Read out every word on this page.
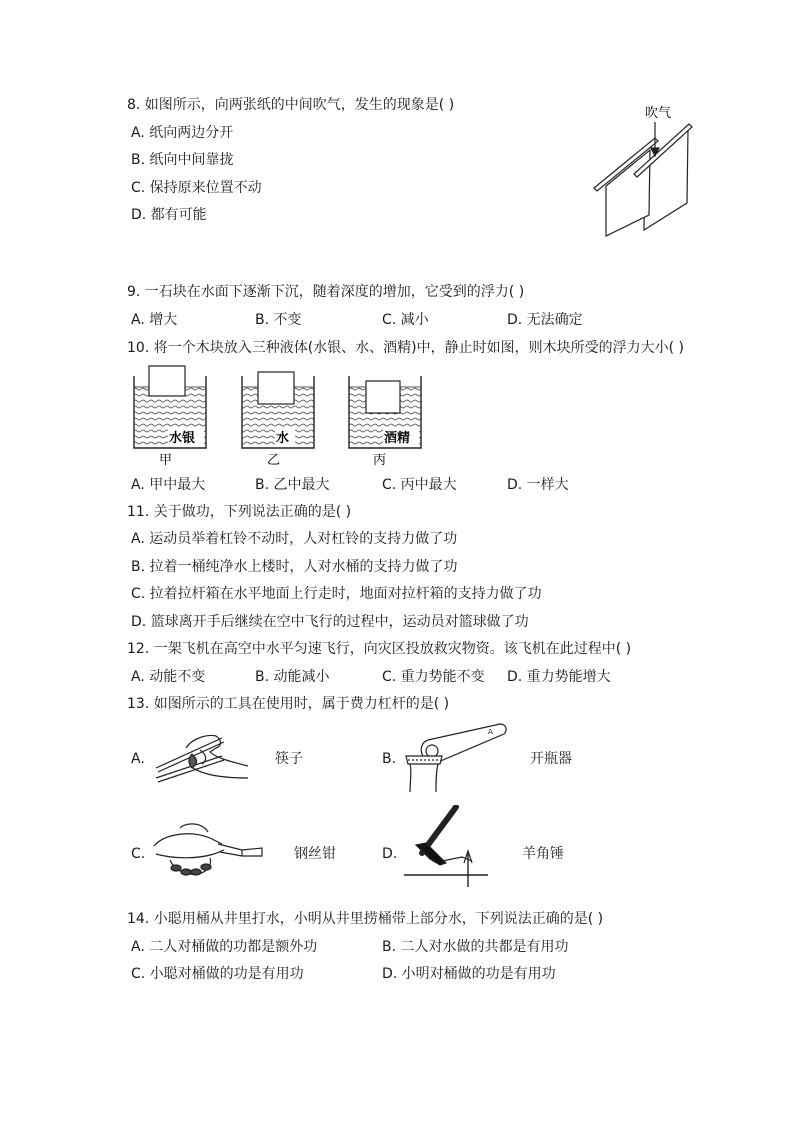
8. 如图所示，向两张纸的中间吹气，发生的现象是( )
A. 纸向两边分开
B. 纸向中间靠拢
C. 保持原来位置不动
D. 都有可能
吹气
9. 一石块在水面下逐渐下沉，随着深度的增加，它受到的浮力( )
A. 增大	B. 不变	C. 减小	D. 无法确定
10. 将一个木块放入三种液体(水银、水、酒精)中，静止时如图，则木块所受的浮力大小( )
水银
甲
水
乙
酒精
丙
A. 甲中最大	B. 乙中最大	C. 丙中最大	D. 一样大
11. 关于做功，下列说法正确的是( )
A. 运动员举着杠铃不动时，人对杠铃的支持力做了功
B. 拉着一桶纯净水上楼时，人对水桶的支持力做了功
C. 拉着拉杆箱在水平地面上行走时，地面对拉杆箱的支持力做了功
D. 篮球离开手后继续在空中飞行的过程中，运动员对篮球做了功
12. 一架飞机在高空中水平匀速飞行，向灾区投放救灾物资。该飞机在此过程中( )
A. 动能不变	B. 动能减小	C. 重力势能不变 D. 重力势能增大
13. 如图所示的工具在使用时，属于费力杠杆的是( )
A.	筷子	B.
A
开瓶器
C.	钢丝钳	D.	羊角锤
14. 小聪用桶从井里打水，小明从井里捞桶带上部分水，下列说法正确的是( )
A. 二人对桶做的功都是额外功	B. 二人对水做的共都是有用功
C. 小聪对桶做的功是有用功	D. 小明对桶做的功是有用功
